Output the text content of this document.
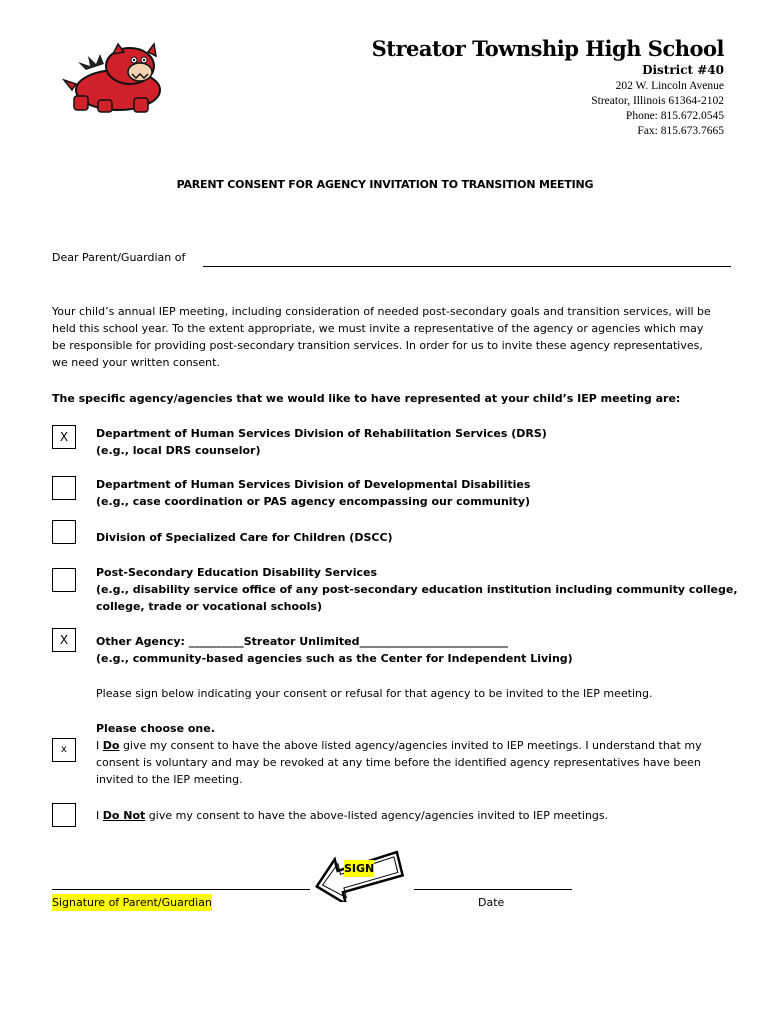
Streator Township High School
District #40
202 W. Lincoln Avenue
Streator, Illinois 61364-2102
Phone: 815.672.0545
Fax: 815.673.7665
PARENT CONSENT FOR AGENCY INVITATION TO TRANSITION MEETING
Dear Parent/Guardian of
Your child’s annual IEP meeting, including consideration of needed post-secondary goals and transition services, will be
held this school year. To the extent appropriate, we must invite a representative of the agency or agencies which may
be responsible for providing post-secondary transition services. In order for us to invite these agency representatives,
we need your written consent.
The specific agency/agencies that we would like to have represented at your child’s IEP meeting are:
X	Department of Human Services Division of Rehabilitation Services (DRS)
(e.g., local DRS counselor)
Department of Human Services Division of Developmental Disabilities
(e.g., case coordination or PAS agency encompassing our community)
Division of Specialized Care for Children (DSCC)
Post-Secondary Education Disability Services
(e.g., disability service office of any post-secondary education institution including community college,
college, trade or vocational schools)
X	Other Agency: __________Streator Unlimited___________________________
(e.g., community-based agencies such as the Center for Independent Living)
Please sign below indicating your consent or refusal for that agency to be invited to the IEP meeting.
Please choose one.
x	I Do give my consent to have the above listed agency/agencies invited to IEP meetings. I understand that my
consent is voluntary and may be revoked at any time before the identified agency representatives have been
invited to the IEP meeting.
I Do Not give my consent to have the above-listed agency/agencies invited to IEP meetings.
SIGN
Signature of Parent/Guardian	Date
